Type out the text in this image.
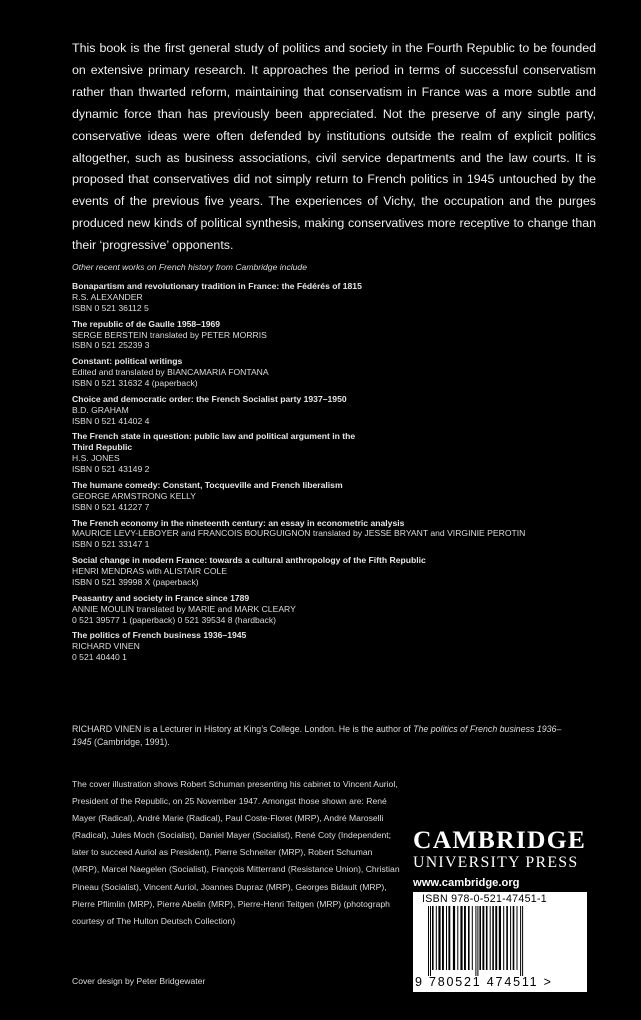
This book is the first general study of politics and society in the Fourth Republic to be founded on extensive primary research. It approaches the period in terms of successful conservatism rather than thwarted reform, maintaining that conservatism in France was a more subtle and dynamic force than has previously been appreciated. Not the preserve of any single party, conservative ideas were often defended by institutions outside the realm of explicit politics altogether, such as business associations, civil service departments and the law courts. It is proposed that conservatives did not simply return to French politics in 1945 untouched by the events of the previous five years. The experiences of Vichy, the occupation and the purges produced new kinds of political synthesis, making conservatives more receptive to change than their ‘progressive’ opponents.

Other recent works on French history from Cambridge include
Bonapartism and revolutionary tradition in France: the Fédérés of 1815
R.S. ALEXANDER
ISBN 0 521 36112 5
The republic of de Gaulle 1958–1969
SERGE BERSTEIN translated by PETER MORRIS
ISBN 0 521 25239 3
Constant: political writings
Edited and translated by BIANCAMARIA FONTANA
ISBN 0 521 31632 4 (paperback)
Choice and democratic order: the French Socialist party 1937–1950
B.D. GRAHAM
ISBN 0 521 41402 4
The French state in question: public law and political argument in the Third Republic
H.S. JONES
ISBN 0 521 43149 2
The humane comedy: Constant, Tocqueville and French liberalism
GEORGE ARMSTRONG KELLY
ISBN 0 521 41227 7
The French economy in the nineteenth century: an essay in econometric analysis
MAURICE LEVY-LEBOYER and FRANCOIS BOURGUIGNON translated by JESSE BRYANT and VIRGINIE PEROTIN
ISBN 0 521 33147 1
Social change in modern France: towards a cultural anthropology of the Fifth Republic
HENRI MENDRAS with ALISTAIR COLE
ISBN 0 521 39998 X (paperback)
Peasantry and society in France since 1789
ANNIE MOULIN translated by MARIE and MARK CLEARY
0 521 39577 1 (paperback) 0 521 39534 8 (hardback)
The politics of French business 1936–1945
RICHARD VINEN
0 521 40440 1
RICHARD VINEN is a Lecturer in History at King’s College. London. He is the author of The politics of French business 1936–1945 (Cambridge, 1991).
The cover illustration shows Robert Schuman presenting his cabinet to Vincent Auriol, President of the Republic, on 25 November 1947. Amongst those shown are: René Mayer (Radical), André Marie (Radical), Paul Coste-Floret (MRP), André Maroselli (Radical), Jules Moch (Socialist), Daniel Mayer (Socialist), René Coty (Independent; later to succeed Auriol as President), Pierre Schneiter (MRP), Robert Schuman (MRP), Marcel Naegelen (Socialist), François Mitterrand (Resistance Union), Christian Pineau (Socialist), Vincent Auriol, Joannes Dupraz (MRP), Georges Bidault (MRP), Pierre Pflimlin (MRP), Pierre Abelin (MRP), Pierre-Henri Teitgen (MRP) (photograph courtesy of The Hulton Deutsch Collection)
Cover design by Peter Bridgewater
CAMBRIDGE
UNIVERSITY PRESS
www.cambridge.org
ISBN 978-0-521-47451-1
9 780521 474511 >
